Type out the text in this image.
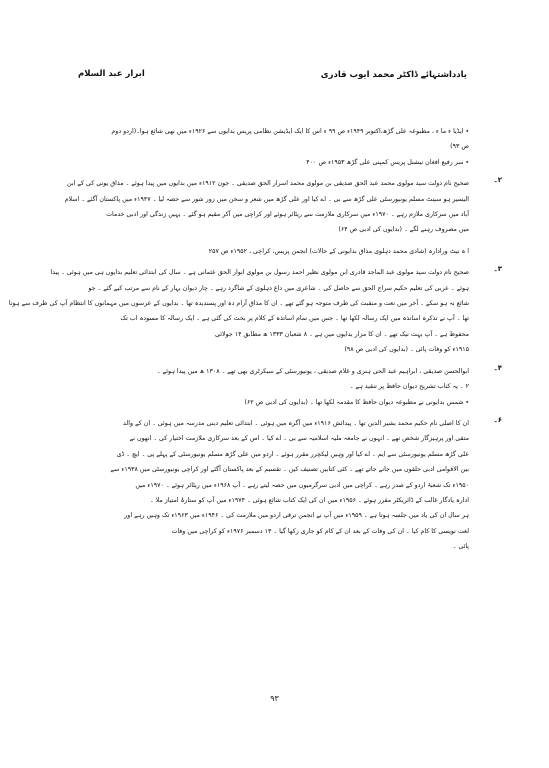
یادداشتہائے ڈاکٹر محمد ایوب قادری
ابرار عبد السلام
٭ ایڈیا ء ما ء ، مطبوعہ علی گڑھ،اکتوبر ۱۹۴۹ء ص ۹۹ ء اس کا ایک ایڈیشن نظامی پریس بدایوں سے ۱۹۲۶ء میں بھی شائع ہوا۔(اردو دوم
ص ۹۳)
٭ سر رفیع افغان نیشنل پریس کمپنی علی گڑھ ۱۹۵۳ء ص ۴۰۰
۲۔
صحیح نام دولت سید مولوی محمد عبد الحق صدیقی بن مولوی محمد اسرار الحق صدیقی ۔ جون ۱۹۱۲ء میں بدایوں میں پیدا ہوئے ۔ مذاق یونی کی کے ابن
الیسیر ہو سینٹ مسلم یونیورسٹی علی گڑھ سے بی ۔ اے کیا اور علی گڑھ میں شعر و سخن میں زور شور سے حصہ لیا ۔ ۱۹۴۷ء میں پاکستان آگئے ۔ اسلام
آباد میں سرکاری ملازم رہے ۔ ۱۹۷۰ء میں سرکاری ملازمت سے ریٹائر ہوئے اور کراچی میں آکر مقیم ہو گئے ۔ یہیں زندگی اور ادبی خدمات
میں مصروف رہنے لگے ۔ (بدایوں کی ادبی ص ۶۴)
ا ہ نیٹ ورادارہ (شادی محمد دہلوی مذاق بدایونی کے حالات) انجمن پریس، کراچی ، ۱۹۵۲ء ص ۲۵۷
۳۔
صحیح نام دولت سید مولوی عبد الماجد قادری ابن مولوی نظیر احمد رسول بن مولوی انوار الحق عثمانی ہے ۔ سال کی ابتدائی تعلیم بدایوں ہی میں ہوئی ۔ پیدا
ہوئے ۔ عربی کی تعلیم حکیم سراج الحق سے حاصل کی ۔ شاعری میں داغ دہلوی کے شاگرد رہے ۔ چار دیوان بہار کے نام سے مرتب کیے گئے ۔ جو
شائع نہ ہو سکے ۔ آخر میں نعت و منقبت کی طرف متوجہ ہو گئے تھے ۔ ان کا مذاق آرام دہ اور پسندیدہ تھا ۔ بدایوں کے عرسوں میں مہمانوں کا انتظام آپ کی طرف سے ہوتا
تھا ۔ آپ نے تذکرہ اساتذہ میں ایک رسالہ لکھا تھا ۔ جس میں تمام اساتذہ کے کلام پر بحث کی گئی ہے ۔ ایک رسالہ کا مسودہ اب تک
محفوظ ہے ۔ آپ بہت نیک تھے ۔ ان کا مزار بدایوں میں ہے ۔ ۸ شعبان ۱۳۳۳ ھ مطابق ۱۴ جولائی
۱۹۱۵ء کو وفات پائی ۔ (بدایوں کی ادبی ص ۹۸)
۴۔
ابوالحسن صدیقی ، ابراہیم عبد الحی ہنری و غلام صدیقی ، یونیورسٹی کے سیکرٹری بھی تھے ۔ ۱۳۰۸ ھ میں پیدا ہوئے ۔
۲ ۔ یہ کتاب تشریح دیوان حافظ پر تنقید ہے ۔
٭ شمس بدایونی نے مطبوعہ دیوان حافظ کا مقدمہ لکھا تھا ۔ (بدایوں کی ادبی ص ۶۲)
۶۔
ان کا اصلی نام حکیم محمد بشیر الدین تھا ۔ پیدائش ۱۹۱۶ء میں آگرہ میں ہوئی ۔ ابتدائی تعلیم دینی مدرسہ میں ہوئی ۔ ان کے والد
متقی اور پرہیزگار شخص تھے ۔ انہوں نے جامعہ ملیہ اسلامیہ سے بی ۔ اے کیا ۔ اس کے بعد سرکاری ملازمت اختیار کی ۔ انھوں نے
علی گڑھ مسلم یونیورسٹی سے ایم ۔ اے کیا اور وہیں لیکچرر مقرر ہوئے ۔ اردو میں علی گڑھ مسلم یونیورسٹی کے پہلے پی ۔ ایچ ۔ ڈی
بین الاقوامی ادبی حلقوں میں جانے جاتے تھے ۔ کئی کتابیں تصنیف کیں ۔ تقسیم کے بعد پاکستان آگئے اور کراچی یونیورسٹی میں ۱۹۳۸ء سے
۱۹۵۰ء تک شعبۂ اردو کے صدر رہے ۔ کراچی میں ادبی سرگرمیوں میں حصہ لیتے رہے ۔ آپ ۱۹۶۸ء میں ریٹائر ہوئے ۔ ۱۹۷۰ء میں
ادارہ یادگار غالب کے ڈائریکٹر مقرر ہوئے ۔ ۱۹۵۶ء میں ان کی ایک کتاب شائع ہوئی ۔ ۱۹۷۴ء میں آپ کو ستارۂ امتیاز ملا ۔
ہر سال ان کی یاد میں جلسہ ہوتا ہے ۔ ۱۹۵۹ء میں آپ نے انجمن ترقی اردو میں ملازمت کی ۔ ۱۹۴۶ء میں ۱۹۶۳ء تک وہیں رہے اور
لغت نویسی کا کام کیا ۔ ان کی وفات کے بعد ان کے کام کو جاری رکھا گیا ۔ ۱۳ دسمبر ۱۹۷۶ء کو کراچی میں وفات
پائی ۔
۹۳
